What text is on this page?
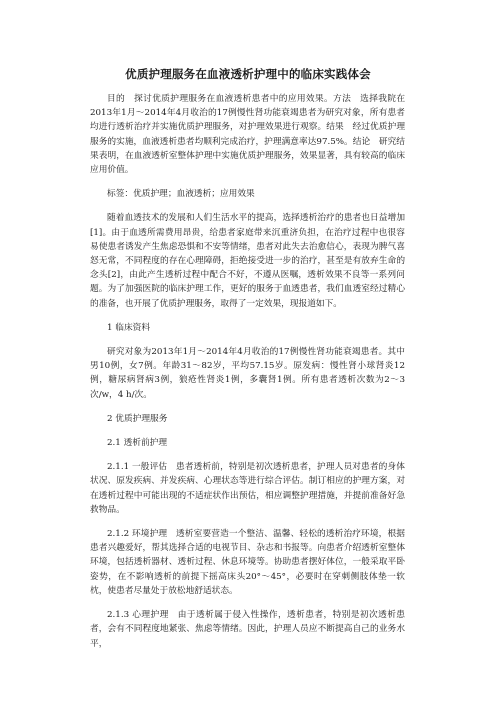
优质护理服务在血液透析护理中的临床实践体会

目的　探讨优质护理服务在血液透析患者中的应用效果。方法　选择我院在2013年1月～2014年4月收治的17例慢性肾功能衰竭患者为研究对象，所有患者均进行透析治疗并实施优质护理服务，对护理效果进行观察。结果　经过优质护理服务的实施，血液透析患者均顺利完成治疗，护理满意率达97.5%。结论　研究结果表明，在血液透析室整体护理中实施优质护理服务，效果显著，具有较高的临床应用价值。

标签：优质护理；血液透析；应用效果

随着血透技术的发展和人们生活水平的提高，选择透析治疗的患者也日益增加[1]。由于血透所需费用昂贵，给患者家庭带来沉重济负担，在治疗过程中也很容易使患者诱发产生焦虑恐惧和不安等情绪，患者对此失去治愈信心，表现为脾气喜怒无常，不同程度的存在心理障碍，拒绝接受进一步的治疗，甚至是有放弃生命的念头[2]，由此产生透析过程中配合不好，不遵从医嘱，透析效果不良等一系列问题。为了加强医院的临床护理工作，更好的服务于血透患者，我们血透室经过精心的准备，也开展了优质护理服务，取得了一定效果，现报道如下。

1 临床资料

研究对象为2013年1月～2014年4月收治的17例慢性肾功能衰竭患者。其中男10例，女7例。年龄31～82岁，平均57.15岁。原发病：慢性肾小球肾炎12例，糖尿病肾病3例，狼疮性肾炎1例，多囊肾1例。所有患者透析次数为2～3次/w，4 h/次。

2 优质护理服务

2.1 透析前护理

2.1.1 一般评估　患者透析前，特别是初次透析患者，护理人员对患者的身体状况、原发疾病、并发疾病、心理状态等进行综合评估。制订相应的护理方案，对在透析过程中可能出现的不适症状作出预估，相应调整护理措施，并提前准备好急救物品。

2.1.2 环境护理　透析室要营造一个整洁、温馨、轻松的透析治疗环境，根据患者兴趣爱好，帮其选择合适的电视节目、杂志和书报等。向患者介绍透析室整体环境，包括透析器材、透析过程、休息环境等。协助患者摆好体位，一般采取平卧姿势，在不影响透析的前提下摇高床头20°～45°，必要时在穿刺侧肢体垫一软枕，使患者尽量处于放松地舒适状态。

2.1.3 心理护理　由于透析属于侵入性操作，透析患者，特别是初次透析患者，会有不同程度地紧张、焦虑等情绪。因此，护理人员应不断提高自己的业务水平，
